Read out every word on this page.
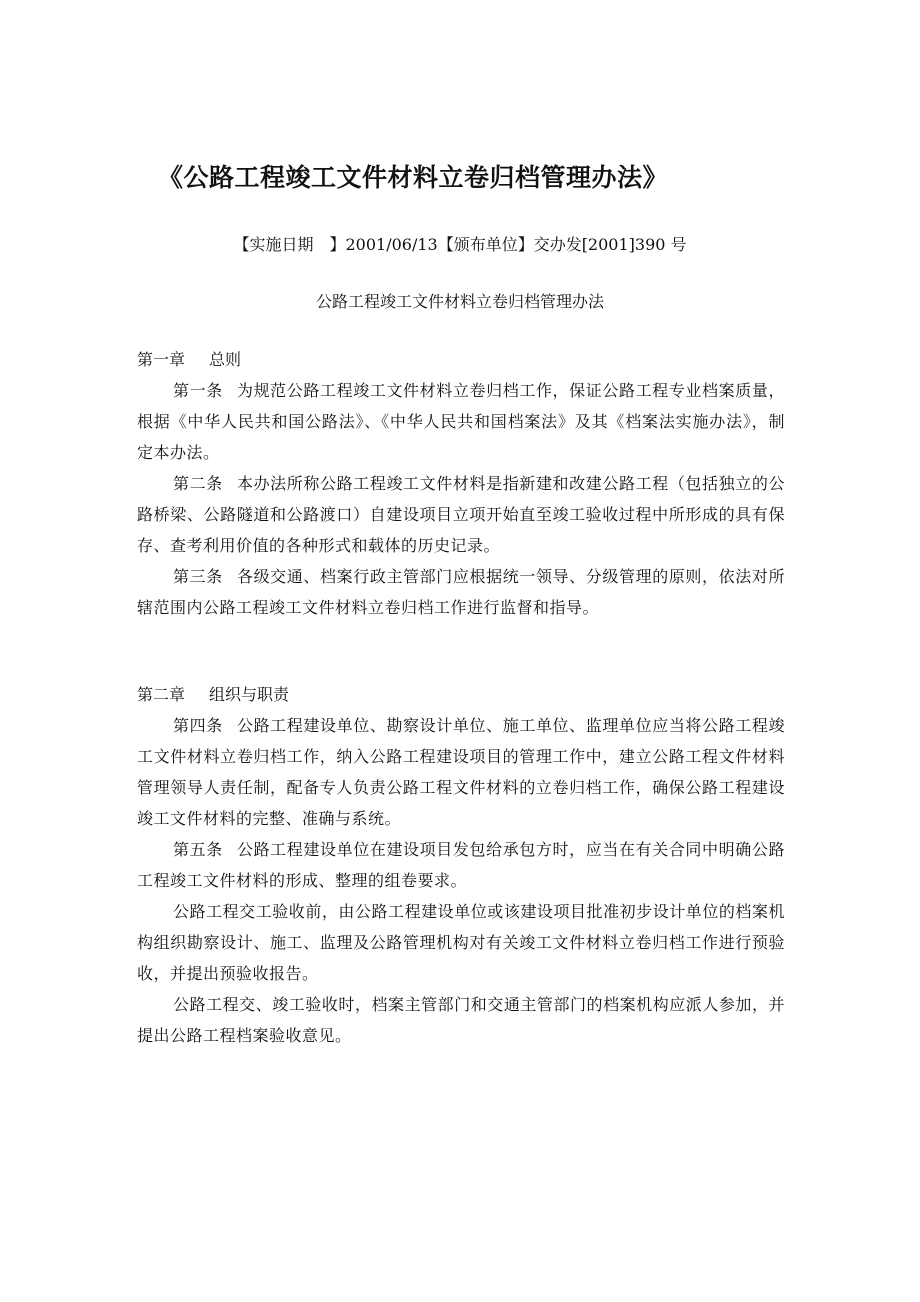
《公路工程竣工文件材料立卷归档管理办法》
【实施日期　】2001/06/13【颁布单位】交办发[2001]390 号
公路工程竣工文件材料立卷归档管理办法

第一章 总则

第一条 为规范公路工程竣工文件材料立卷归档工作，保证公路工程专业档案质量，根据《中华人民共和国公路法》、《中华人民共和国档案法》及其《档案法实施办法》，制定本办法。

第二条 本办法所称公路工程竣工文件材料是指新建和改建公路工程（包括独立的公路桥梁、公路隧道和公路渡口）自建设项目立项开始直至竣工验收过程中所形成的具有保存、查考利用价值的各种形式和载体的历史记录。

第三条 各级交通、档案行政主管部门应根据统一领导、分级管理的原则，依法对所辖范围内公路工程竣工文件材料立卷归档工作进行监督和指导。

第二章 组织与职责

第四条 公路工程建设单位、勘察设计单位、施工单位、监理单位应当将公路工程竣工文件材料立卷归档工作，纳入公路工程建设项目的管理工作中，建立公路工程文件材料管理领导人责任制，配备专人负责公路工程文件材料的立卷归档工作，确保公路工程建设竣工文件材料的完整、准确与系统。

第五条 公路工程建设单位在建设项目发包给承包方时，应当在有关合同中明确公路工程竣工文件材料的形成、整理的组卷要求。

公路工程交工验收前，由公路工程建设单位或该建设项目批准初步设计单位的档案机构组织勘察设计、施工、监理及公路管理机构对有关竣工文件材料立卷归档工作进行预验收，并提出预验收报告。

公路工程交、竣工验收时，档案主管部门和交通主管部门的档案机构应派人参加，并提出公路工程档案验收意见。
